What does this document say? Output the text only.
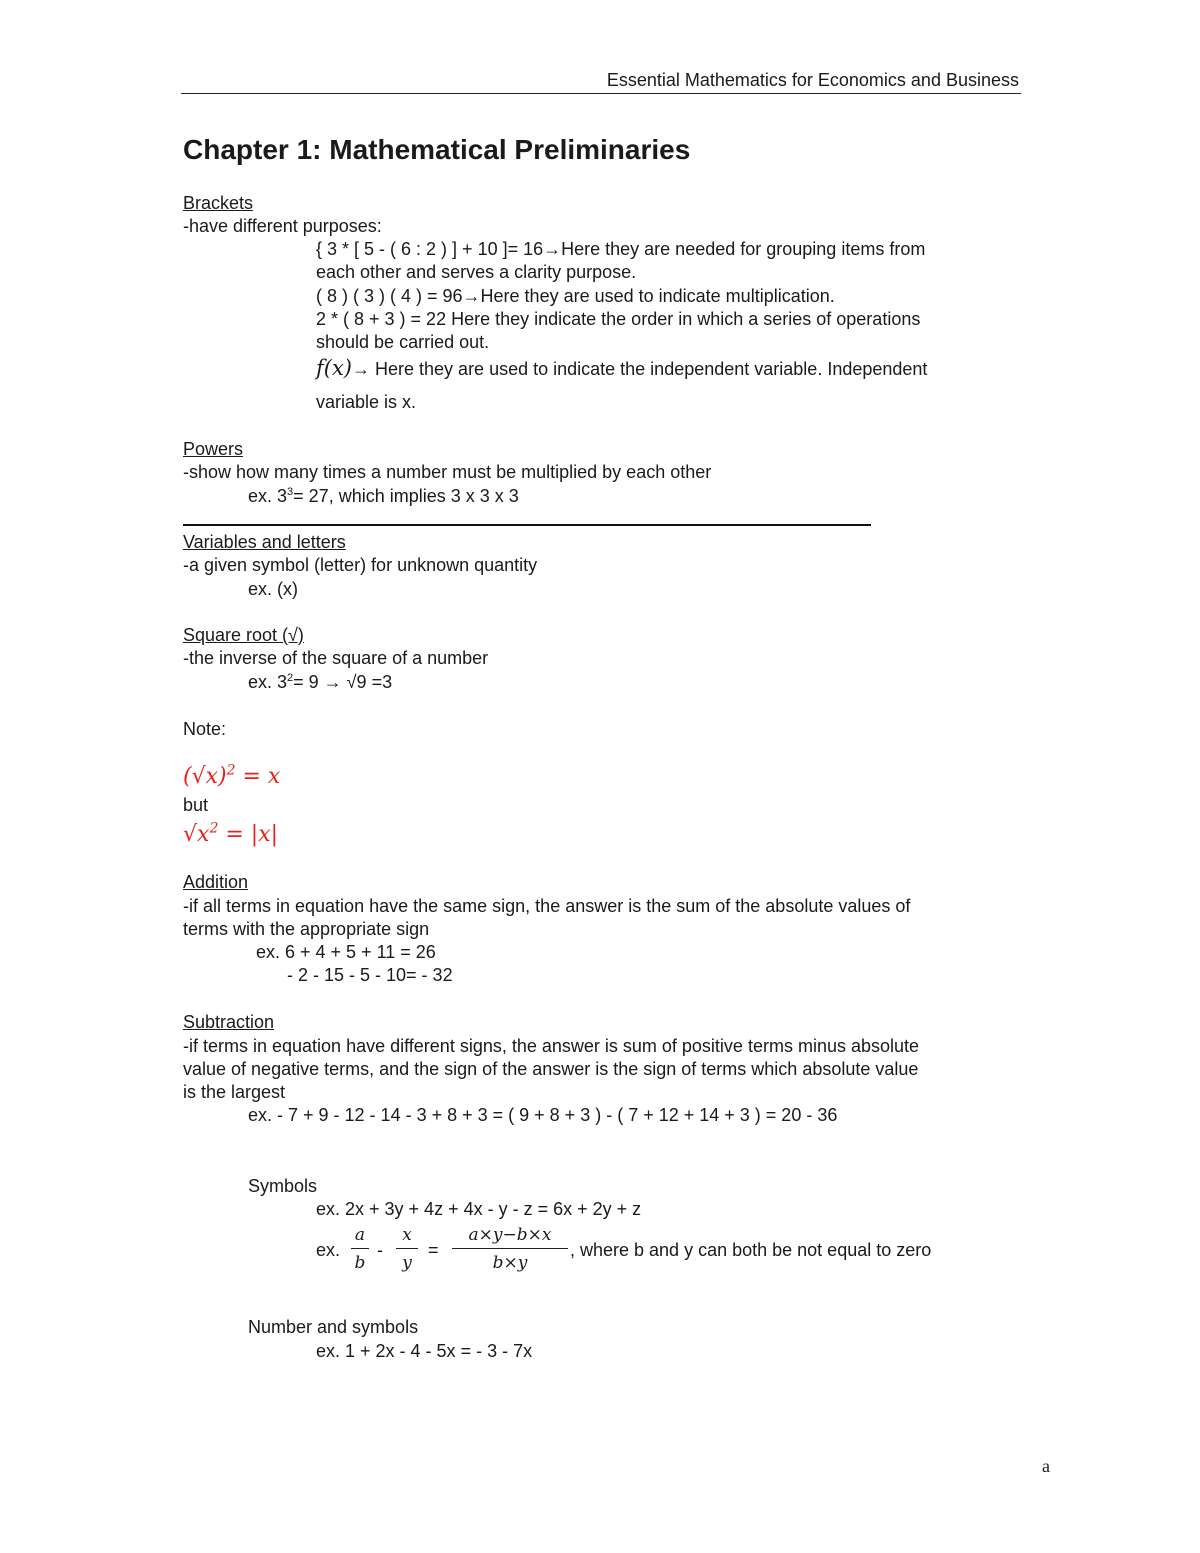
Essential Mathematics for Economics and Business
Chapter 1: Mathematical Preliminaries
Brackets
-have different purposes:
{ 3 * [ 5 - ( 6 : 2 ) ] + 10 ]= 16→Here they are needed for grouping items from
each other and serves a clarity purpose.
( 8 ) ( 3 ) ( 4 ) = 96→Here they are used to indicate multiplication.
2 * ( 8 + 3 ) = 22 Here they indicate the order in which a series of operations
should be carried out.
f(x)→ Here they are used to indicate the independent variable. Independent
variable is x.
Powers
-show how many times a number must be multiplied by each other
ex. $3^3= 27$, which implies 3 x 3 x 3
Variables and letters
-a given symbol (letter) for unknown quantity
ex. (x)
Square root (√)
-the inverse of the square of a number
ex. $3^2= 9 \to √9 =3$
Note:
$(√x)^2 = x$
but
$√x^2 = |x|$
Addition
-if all terms in equation have the same sign, the answer is the sum of the absolute values of
terms with the appropriate sign
ex. 6 + 4 + 5 + 11 = 26
- 2 - 15 - 5 - 10= - 32
Subtraction
-if terms in equation have different signs, the answer is sum of positive terms minus absolute
value of negative terms, and the sign of the answer is the sign of terms which absolute value
is the largest
ex. - 7 + 9 - 12 - 14 - 3 + 8 + 3 = ( 9 + 8 + 3 ) - ( 7 + 12 + 14 + 3 ) = 20 - 36
Symbols
ex. 2x + 3y + 4z + 4x - y - z = 6x + 2y + z
ex.
a
b
-
x
y
=
a×y−b×x
b×y
, where b and y can both be not equal to zero
Number and symbols
ex. 1 + 2x - 4 - 5x = - 3 - 7x
a
